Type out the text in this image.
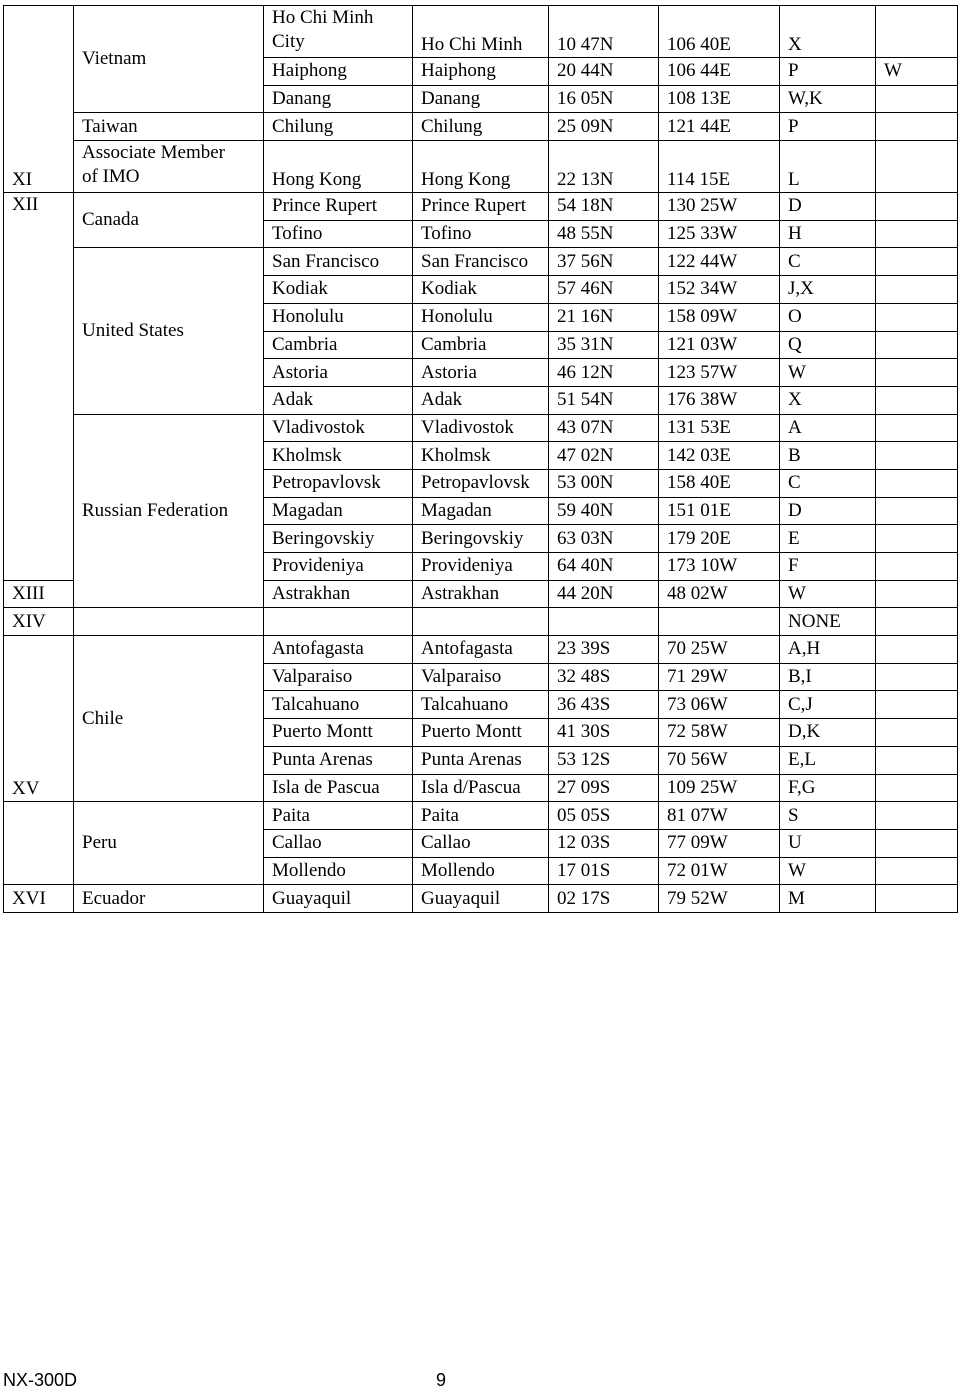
XI	Vietnam	Ho Chi Minh City	Ho Chi Minh	10 47N	106 40E	X	
		Haiphong	Haiphong	20 44N	106 44E	P	W
		Danang	Danang	16 05N	108 13E	W,K	
	Taiwan	Chilung	Chilung	25 09N	121 44E	P	
	Associate Member of IMO	Hong Kong	Hong Kong	22 13N	114 15E	L	
XII	Canada	Prince Rupert	Prince Rupert	54 18N	130 25W	D	
		Tofino	Tofino	48 55N	125 33W	H	
	United States	San Francisco	San Francisco	37 56N	122 44W	C	
		Kodiak	Kodiak	57 46N	152 34W	J,X	
		Honolulu	Honolulu	21 16N	158 09W	O	
		Cambria	Cambria	35 31N	121 03W	Q	
		Astoria	Astoria	46 12N	123 57W	W	
		Adak	Adak	51 54N	176 38W	X	
	Russian Federation	Vladivostok	Vladivostok	43 07N	131 53E	A	
		Kholmsk	Kholmsk	47 02N	142 03E	B	
		Petropavlovsk	Petropavlovsk	53 00N	158 40E	C	
		Magadan	Magadan	59 40N	151 01E	D	
		Beringovskiy	Beringovskiy	63 03N	179 20E	E	
		Provideniya	Provideniya	64 40N	173 10W	F	
XIII		Astrakhan	Astrakhan	44 20N	48 02W	W	
XIV						NONE	
XV	Chile	Antofagasta	Antofagasta	23 39S	70 25W	A,H	
		Valparaiso	Valparaiso	32 48S	71 29W	B,I	
		Talcahuano	Talcahuano	36 43S	73 06W	C,J	
		Puerto Montt	Puerto Montt	41 30S	72 58W	D,K	
		Punta Arenas	Punta Arenas	53 12S	70 56W	E,L	
		Isla de Pascua	Isla d/Pascua	27 09S	109 25W	F,G	
	Peru	Paita	Paita	05 05S	81 07W	S	
		Callao	Callao	12 03S	77 09W	U	
		Mollendo	Mollendo	17 01S	72 01W	W	
XVI	Ecuador	Guayaquil	Guayaquil	02 17S	79 52W	M	
NX-300D	9
